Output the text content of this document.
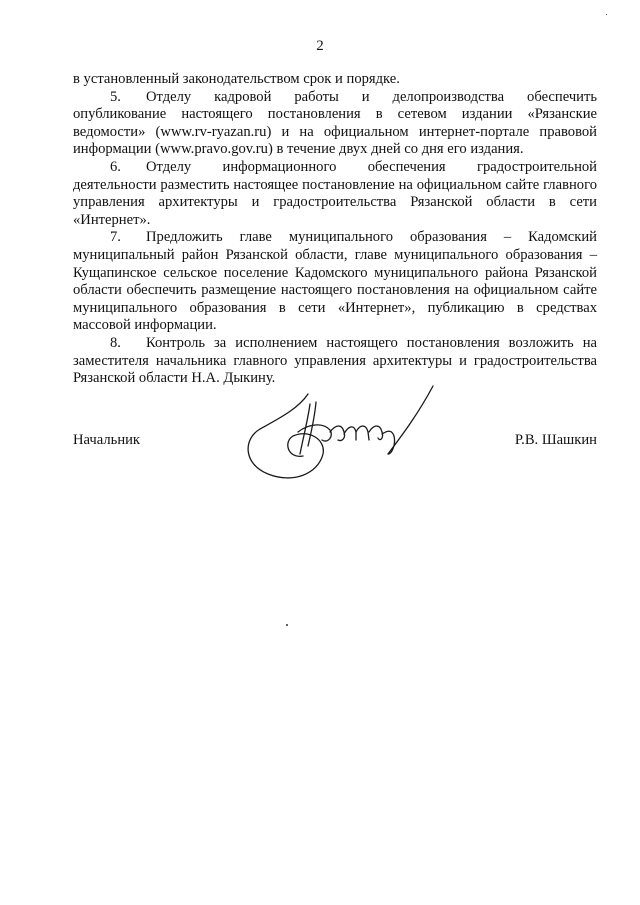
2

в установленный законодательством срок и порядке.

5. Отделу кадровой работы и делопроизводства обеспечить опубликование настоящего постановления в сетевом издании «Рязанские ведомости» (www.rv-ryazan.ru) и на официальном интернет-портале правовой информации (www.pravo.gov.ru) в течение двух дней со дня его издания.

6. Отделу информационного обеспечения градостроительной деятельности разместить настоящее постановление на официальном сайте главного управления архитектуры и градостроительства Рязанской области в сети «Интернет».

7. Предложить главе муниципального образования – Кадомский муниципальный район Рязанской области, главе муниципального образования – Кущапинское сельское поселение Кадомского муниципального района Рязанской области обеспечить размещение настоящего постановления на официальном сайте муниципального образования в сети «Интернет», публикацию в средствах массовой информации.

8. Контроль за исполнением настоящего постановления возложить на заместителя начальника главного управления архитектуры и градостроительства Рязанской области Н.А. Дыкину.

Начальник	Р.В. Шашкин
